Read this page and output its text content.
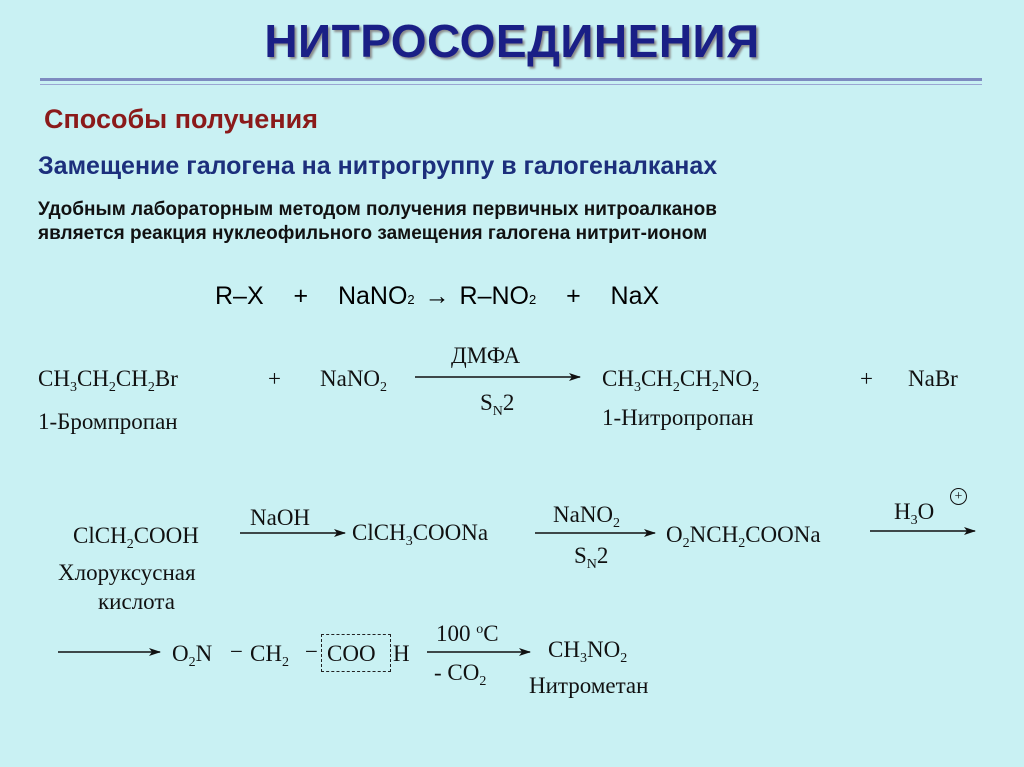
НИТРОСОЕДИНЕНИЯ
Способы получения
Замещение галогена на нитрогруппу в галогеналканах
Удобным лабораторным методом получения первичных нитроалканов
является реакция нуклеофильного замещения галогена нитрит-ионом
R–X + NaNO2 → R–NO2 + NaX
$CH_3CH_2CH_2Br$
1-Бромпропан
+ NaNO$_2$
ДМФА
$S_N2$
$CH_3CH_2CH_2NO_2$
1-Нитропропан
+ NaBr
ClCH$_2$COOH
Хлоруксусная
кислота
NaOH
ClCH$_3$COONa
NaNO$_2$
$S_N2$
$O_2NCH_2COONa$
$H_3O$
+
$O_2N - CH_2$ − COO H
100 $^o$C
- $CO_2$
$CH_3NO_2$
Нитрометан
